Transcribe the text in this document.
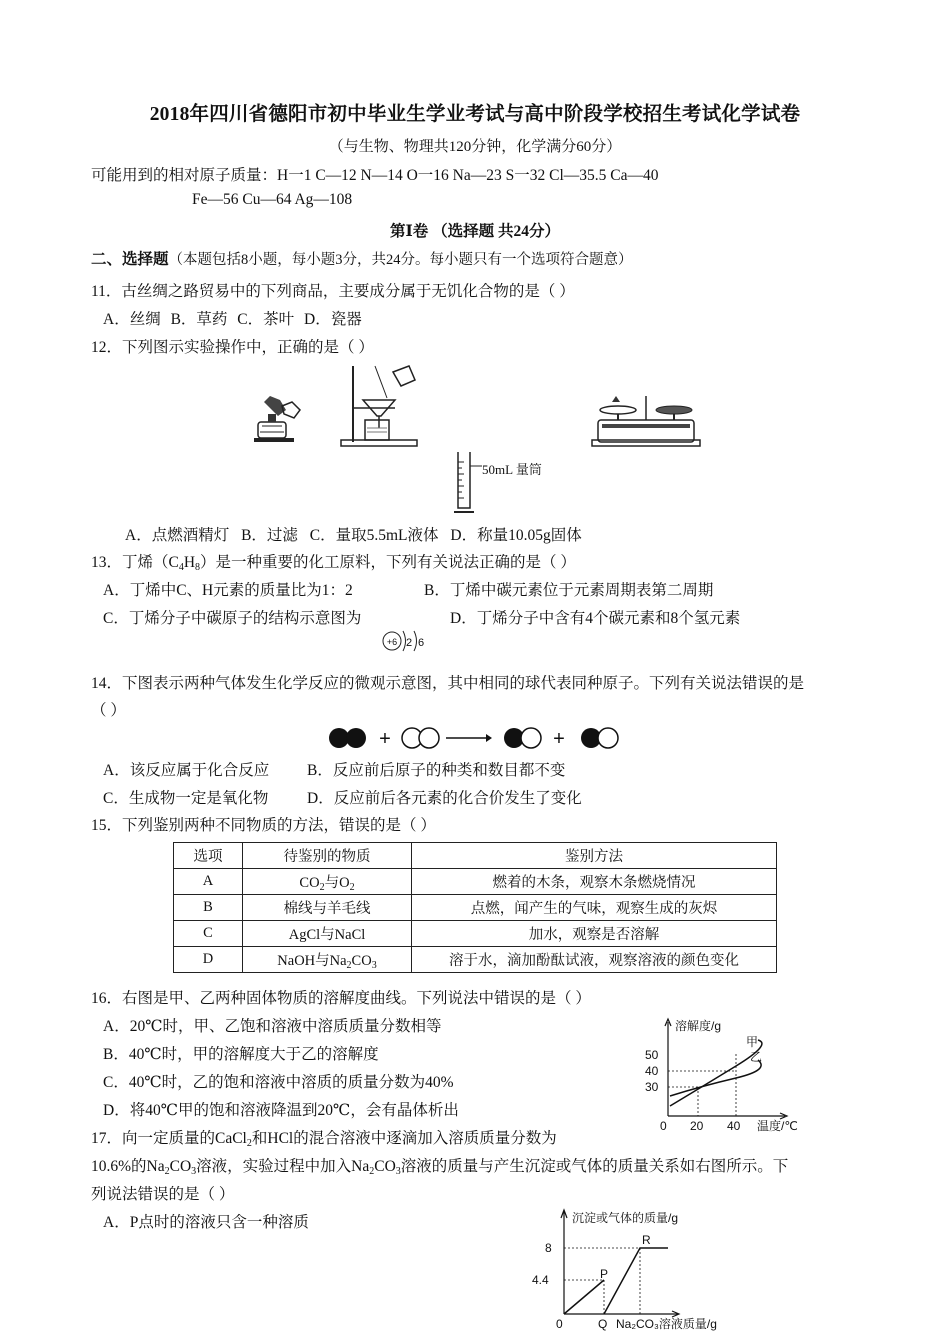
2018年四川省德阳市初中毕业生学业考试与高中阶段学校招生考试化学试卷
（与生物、物理共120分钟，化学满分60分）
可能用到的相对原子质量：H一1 C—12 N—14 O一16 Na—23 S一32 Cl—35.5 Ca—40
Fe—56 Cu—64 Ag—108
第Ⅰ卷 （选择题 共24分）
二、选择题（本题包括8小题，每小题3分，共24分。每小题只有一个选项符合题意）
11．古丝绸之路贸易中的下列商品，主要成分属于无饥化合物的是（ ）
A．丝绸 B．草药 C．茶叶 D．瓷器
12．下列图示实验操作中，正确的是（ ）
50mL 量筒
A．点燃酒精灯 B．过滤 C．量取5.5mL液体 D．称量10.05g固体
13．丁烯$(C_4H_8)$是一种重要的化工原料，下列有关说法正确的是（ ）
A．丁烯中C、H元素的质量比为1：2	B．丁烯中碳元素位于元素周期表第二周期
C．丁烯分子中碳原子的结构示意图为	D．丁烯分子中含有4个碳元素和8个氢元素
+6 2 6
14．下图表示两种气体发生化学反应的微观示意图，其中相同的球代表同种原子。下列有关说法错误的是
（ ）
+	+
A．该反应属于化合反应 B．反应前后原子的种类和数目都不变
C．生成物一定是氧化物 D．反应前后各元素的化合价发生了变化
15．下列鉴别两种不同物质的方法，错误的是（ ）
选项	待鉴别的物质	鉴别方法
A	$CO_2$与$O_2$	燃着的木条，观察木条燃烧情况
B	棉线与羊毛线	点燃，闻产生的气味，观察生成的灰烬
C	AgCl与NaCl	加水，观察是否溶解
D	NaOH与$Na_2CO_3$	溶于水，滴加酚酞试液，观察溶液的颜色变化
16．右图是甲、乙两种固体物质的溶解度曲线。下列说法中错误的是（ ）
A．20℃时，甲、乙饱和溶液中溶质质量分数相等
B．40℃时，甲的溶解度大于乙的溶解度
C．40℃时，乙的饱和溶液中溶质的质量分数为40%
D．将40℃甲的饱和溶液降温到20℃，会有晶体析出
溶解度/g
50
40
30
甲
乙
0 20 40 温度/℃
17．向一定质量的CaCl$_2$和HCl的混合溶液中逐滴加入溶质质量分数为
10.6%的$Na_2CO_3$溶液，实验过程中加入$Na_2CO_3$溶液的质量与产生沉淀或气体的质量关系如右图所示。下
列说法错误的是（ ）
A．P点时的溶液只含一种溶质	沉淀或气体的质量/g
8
4.4	P
R
0	Q Na₂CO₃溶液质量/g
